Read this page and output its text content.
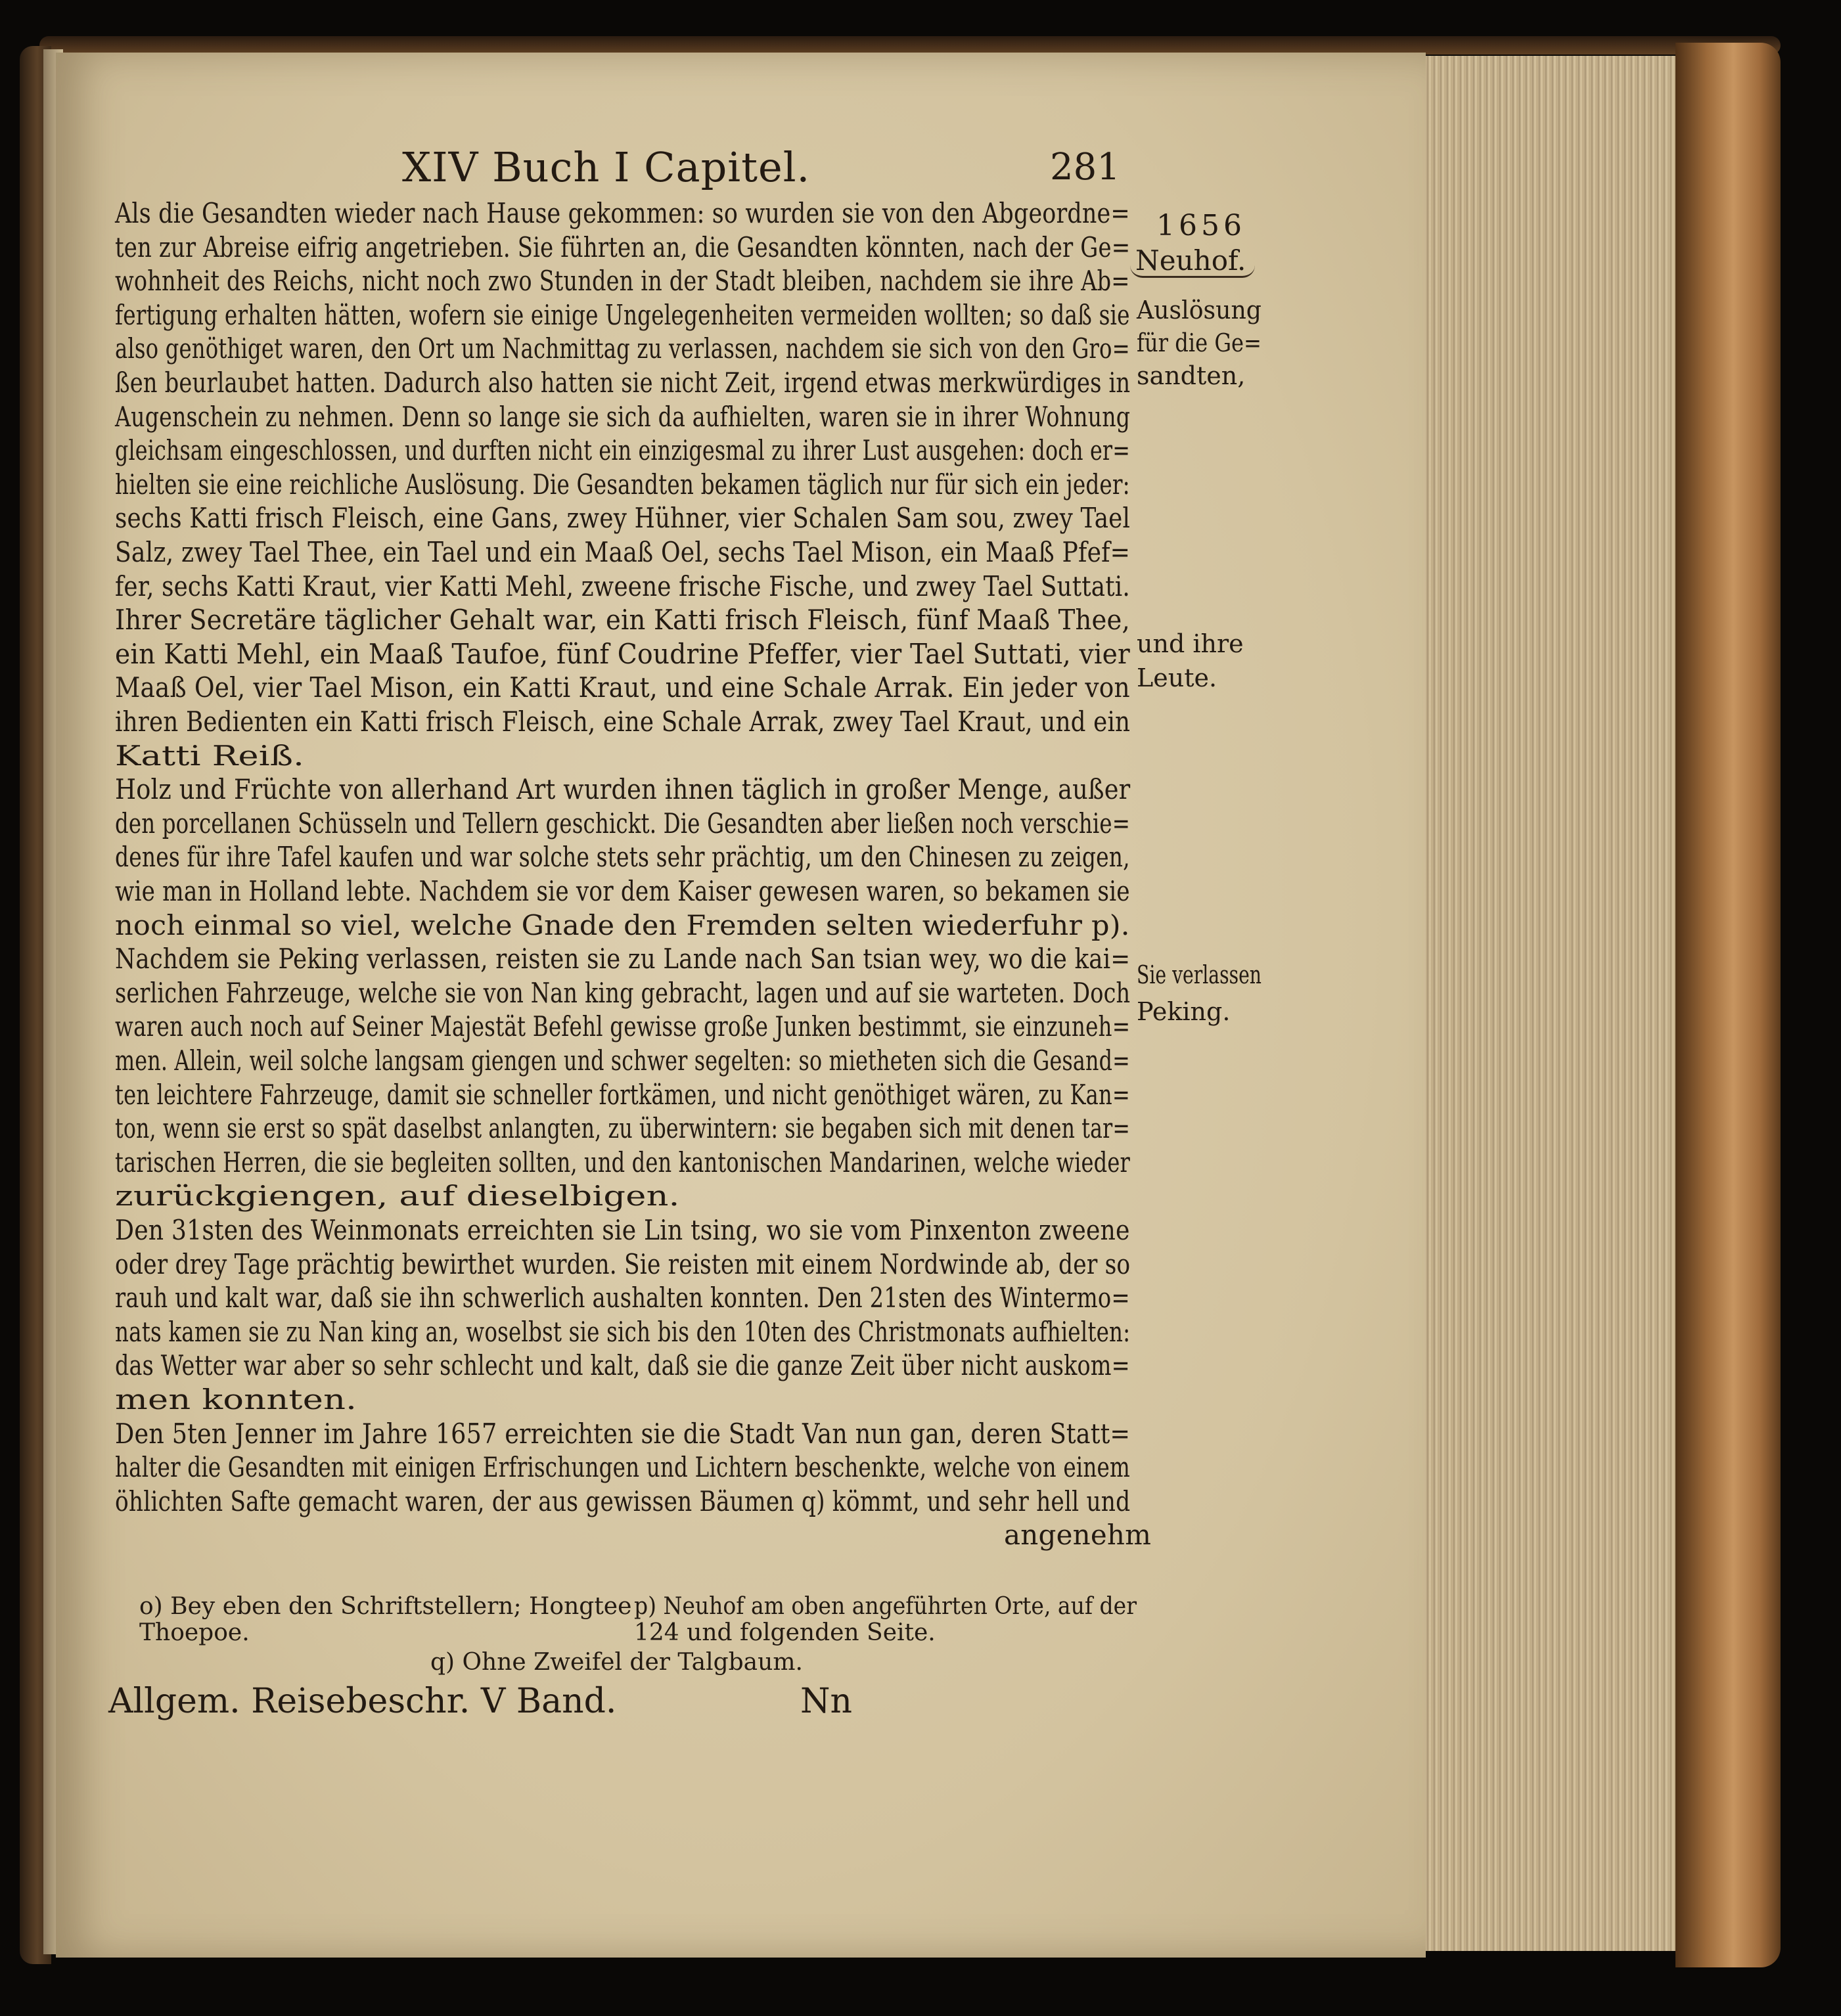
XIV Buch I Capitel.	281
1656
Neuhof.
Auslösung
für die Ge=
sandten,
und ihre
Leute.
Sie verlassen
Peking.
Als die Gesandten wieder nach Hause gekommen: so wurden sie von den Abgeordne=
ten zur Abreise eifrig angetrieben. Sie führten an, die Gesandten könnten, nach der Ge=
wohnheit des Reichs, nicht noch zwo Stunden in der Stadt bleiben, nachdem sie ihre Ab=
fertigung erhalten hätten, wofern sie einige Ungelegenheiten vermeiden wollten; so daß sie
also genöthiget waren, den Ort um Nachmittag zu verlassen, nachdem sie sich von den Gro=
ßen beurlaubet hatten. Dadurch also hatten sie nicht Zeit, irgend etwas merkwürdiges in
Augenschein zu nehmen. Denn so lange sie sich da aufhielten, waren sie in ihrer Wohnung
gleichsam eingeschlossen, und durften nicht ein einzigesmal zu ihrer Lust ausgehen: doch er=
hielten sie eine reichliche Auslösung. Die Gesandten bekamen täglich nur für sich ein jeder:
sechs Katti frisch Fleisch, eine Gans, zwey Hühner, vier Schalen Sam sou, zwey Tael
Salz, zwey Tael Thee, ein Tael und ein Maaß Oel, sechs Tael Mison, ein Maaß Pfef=
fer, sechs Katti Kraut, vier Katti Mehl, zweene frische Fische, und zwey Tael Suttati.
Ihrer Secretäre täglicher Gehalt war, ein Katti frisch Fleisch, fünf Maaß Thee,
ein Katti Mehl, ein Maaß Taufoe, fünf Coudrine Pfeffer, vier Tael Suttati, vier
Maaß Oel, vier Tael Mison, ein Katti Kraut, und eine Schale Arrak. Ein jeder von
ihren Bedienten ein Katti frisch Fleisch, eine Schale Arrak, zwey Tael Kraut, und ein
Katti Reiß.
Holz und Früchte von allerhand Art wurden ihnen täglich in großer Menge, außer
den porcellanen Schüsseln und Tellern geschickt. Die Gesandten aber ließen noch verschie=
denes für ihre Tafel kaufen und war solche stets sehr prächtig, um den Chinesen zu zeigen,
wie man in Holland lebte. Nachdem sie vor dem Kaiser gewesen waren, so bekamen sie
noch einmal so viel, welche Gnade den Fremden selten wiederfuhr p).
Nachdem sie Peking verlassen, reisten sie zu Lande nach San tsian wey, wo die kai=
serlichen Fahrzeuge, welche sie von Nan king gebracht, lagen und auf sie warteten. Doch
waren auch noch auf Seiner Majestät Befehl gewisse große Junken bestimmt, sie einzuneh=
men. Allein, weil solche langsam giengen und schwer segelten: so mietheten sich die Gesand=
ten leichtere Fahrzeuge, damit sie schneller fortkämen, und nicht genöthiget wären, zu Kan=
ton, wenn sie erst so spät daselbst anlangten, zu überwintern: sie begaben sich mit denen tar=
tarischen Herren, die sie begleiten sollten, und den kantonischen Mandarinen, welche wieder
zurückgiengen, auf dieselbigen.
Den 31sten des Weinmonats erreichten sie Lin tsing, wo sie vom Pinxenton zweene
oder drey Tage prächtig bewirthet wurden. Sie reisten mit einem Nordwinde ab, der so
rauh und kalt war, daß sie ihn schwerlich aushalten konnten. Den 21sten des Wintermo=
nats kamen sie zu Nan king an, woselbst sie sich bis den 10ten des Christmonats aufhielten:
das Wetter war aber so sehr schlecht und kalt, daß sie die ganze Zeit über nicht auskom=
men konnten.
Den 5ten Jenner im Jahre 1657 erreichten sie die Stadt Van nun gan, deren Statt=
halter die Gesandten mit einigen Erfrischungen und Lichtern beschenkte, welche von einem
öhlichten Safte gemacht waren, der aus gewissen Bäumen q) kömmt, und sehr hell und
angenehm
o) Bey eben den Schriftstellern; Hongtee
Thoepoe.
p) Neuhof am oben angeführten Orte, auf der
124 und folgenden Seite.
q) Ohne Zweifel der Talgbaum.
Allgem. Reisebeschr. V Band.	Nn
